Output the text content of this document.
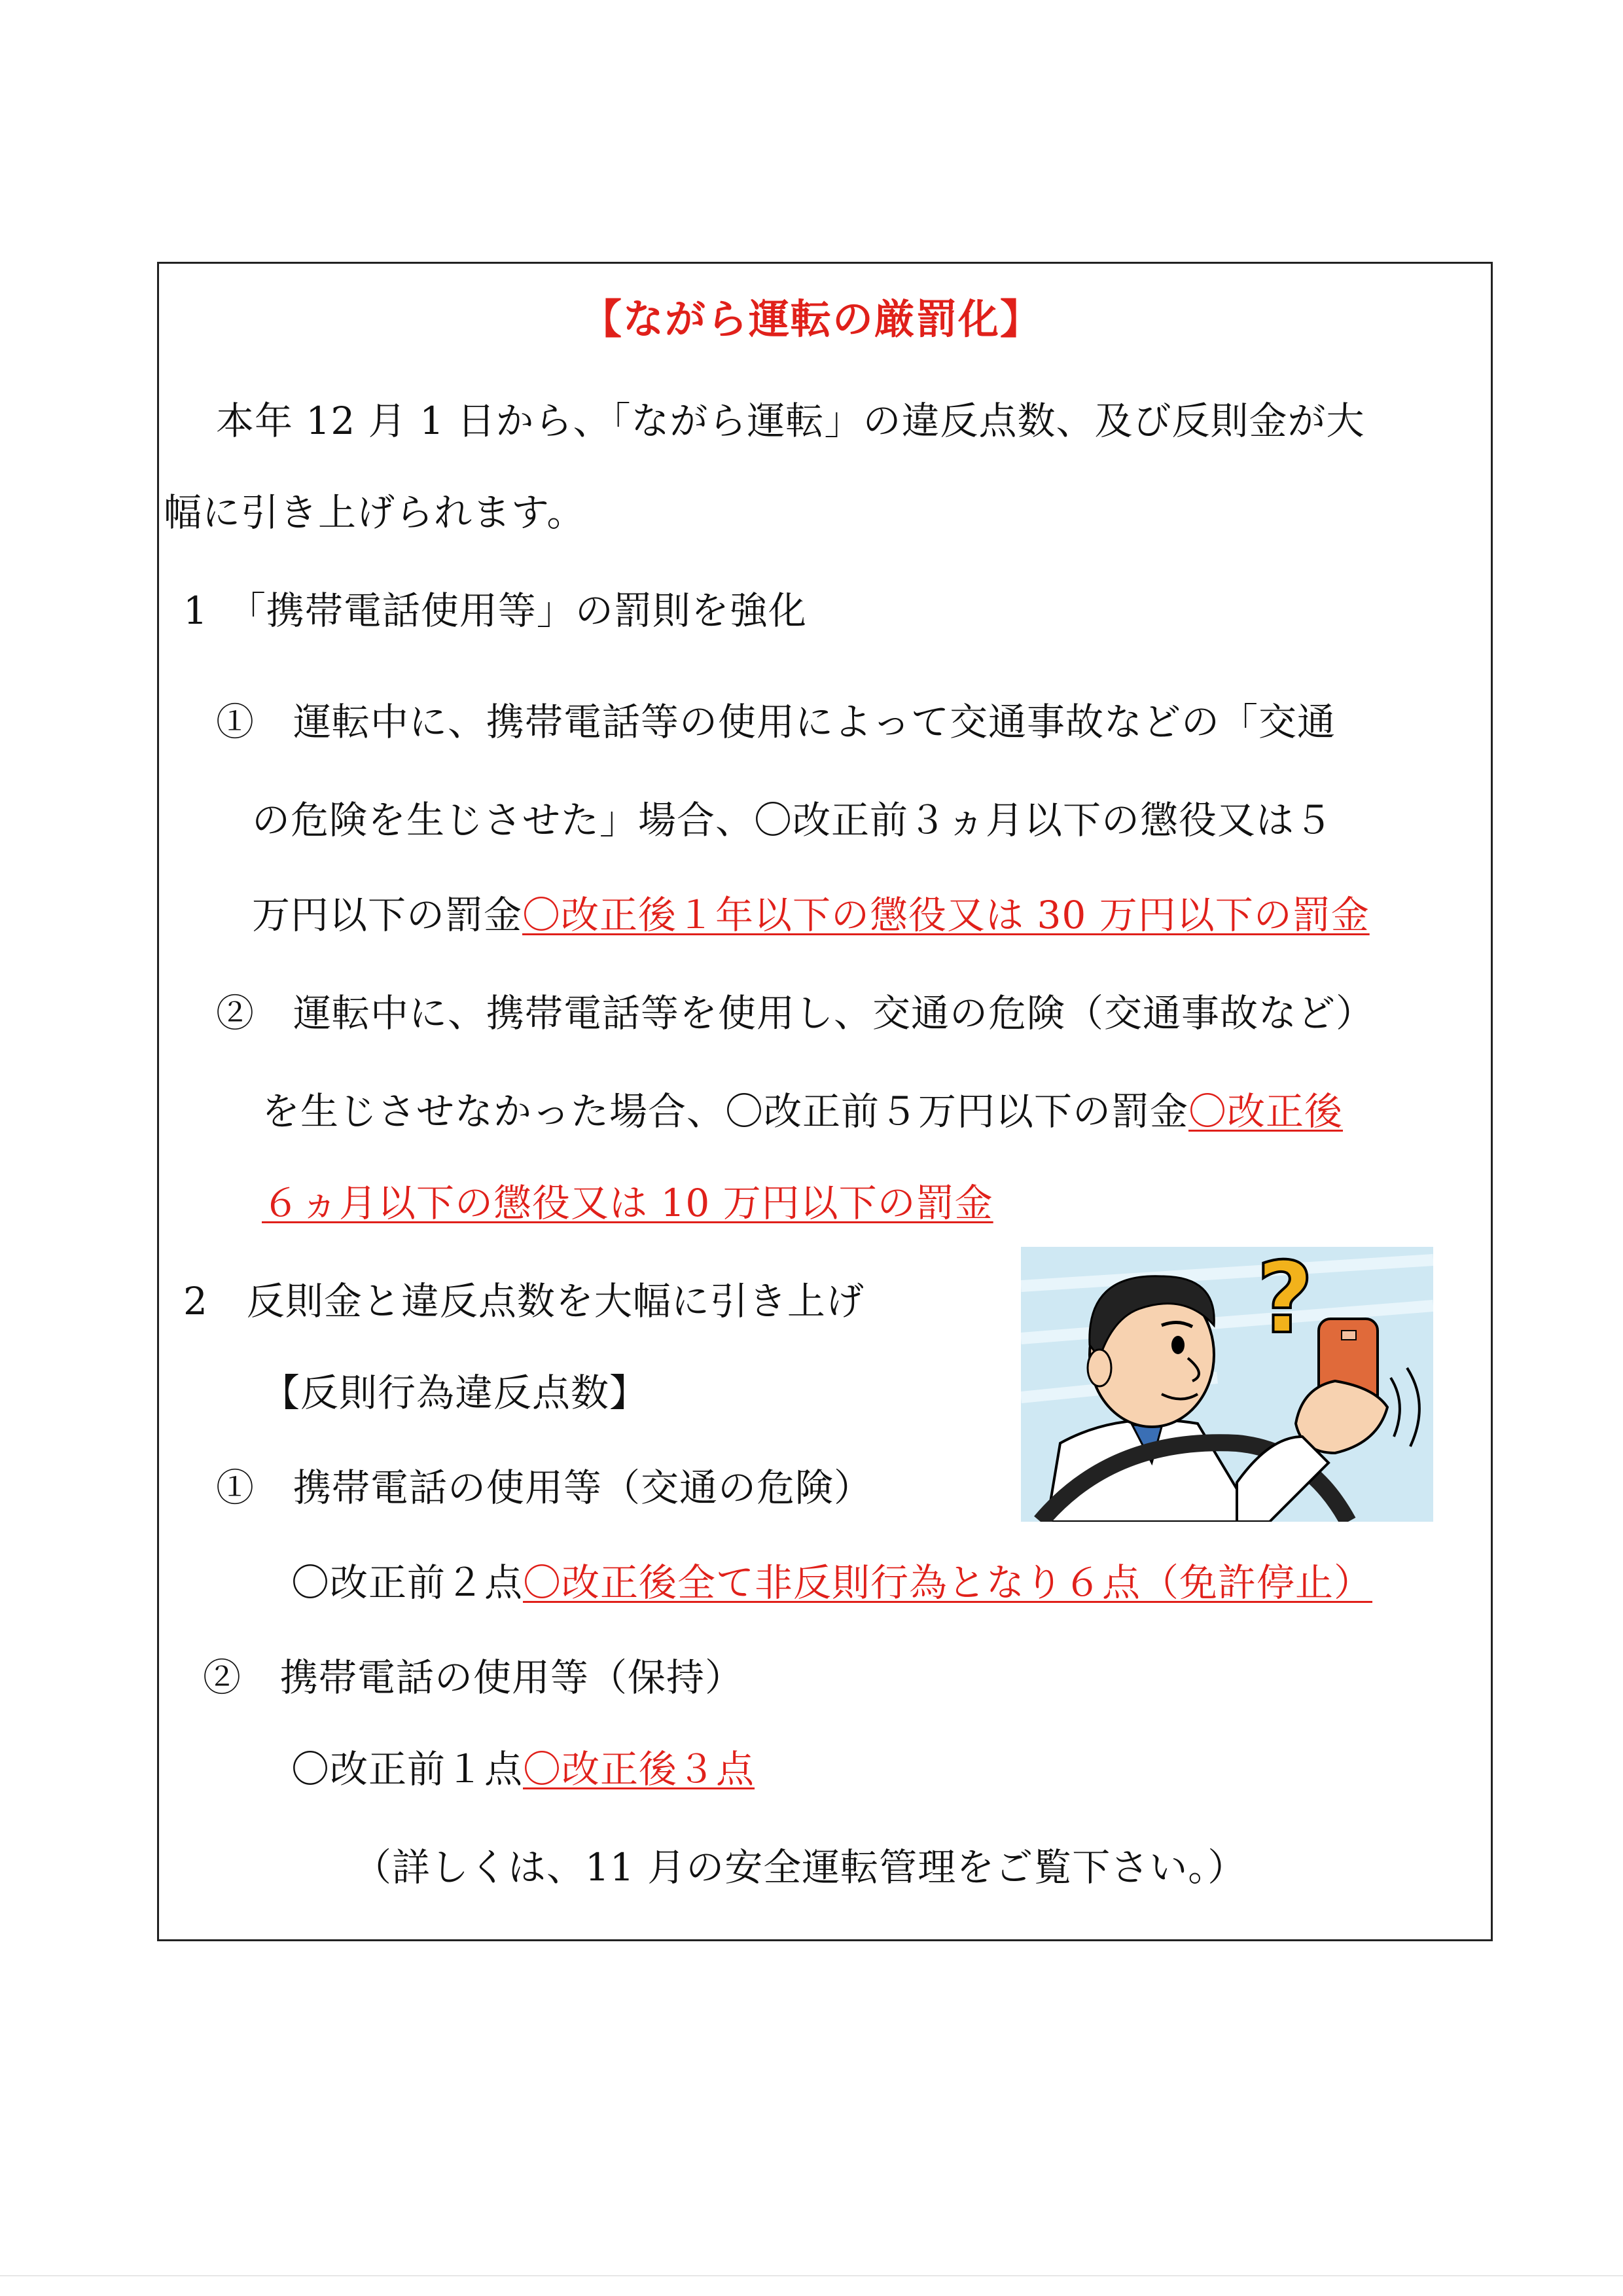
【ながら運転の厳罰化】
本年 12 月 1 日から、「ながら運転」の違反点数、及び反則金が大
幅に引き上げられます。
1　「携帯電話使用等」の罰則を強化
①　運転中に、携帯電話等の使用によって交通事故などの「交通
の危険を生じさせた」場合、〇改正前３ヵ月以下の懲役又は５
万円以下の罰金〇改正後１年以下の懲役又は 30 万円以下の罰金
②　運転中に、携帯電話等を使用し、交通の危険（交通事故など）
を生じさせなかった場合、〇改正前５万円以下の罰金〇改正後
６ヵ月以下の懲役又は 10 万円以下の罰金
2　反則金と違反点数を大幅に引き上げ
【反則行為違反点数】
①　携帯電話の使用等（交通の危険）
〇改正前２点〇改正後全て非反則行為となり６点（免許停止）
②　携帯電話の使用等（保持）
〇改正前１点〇改正後３点
（詳しくは、11 月の安全運転管理をご覧下さい。）
?
